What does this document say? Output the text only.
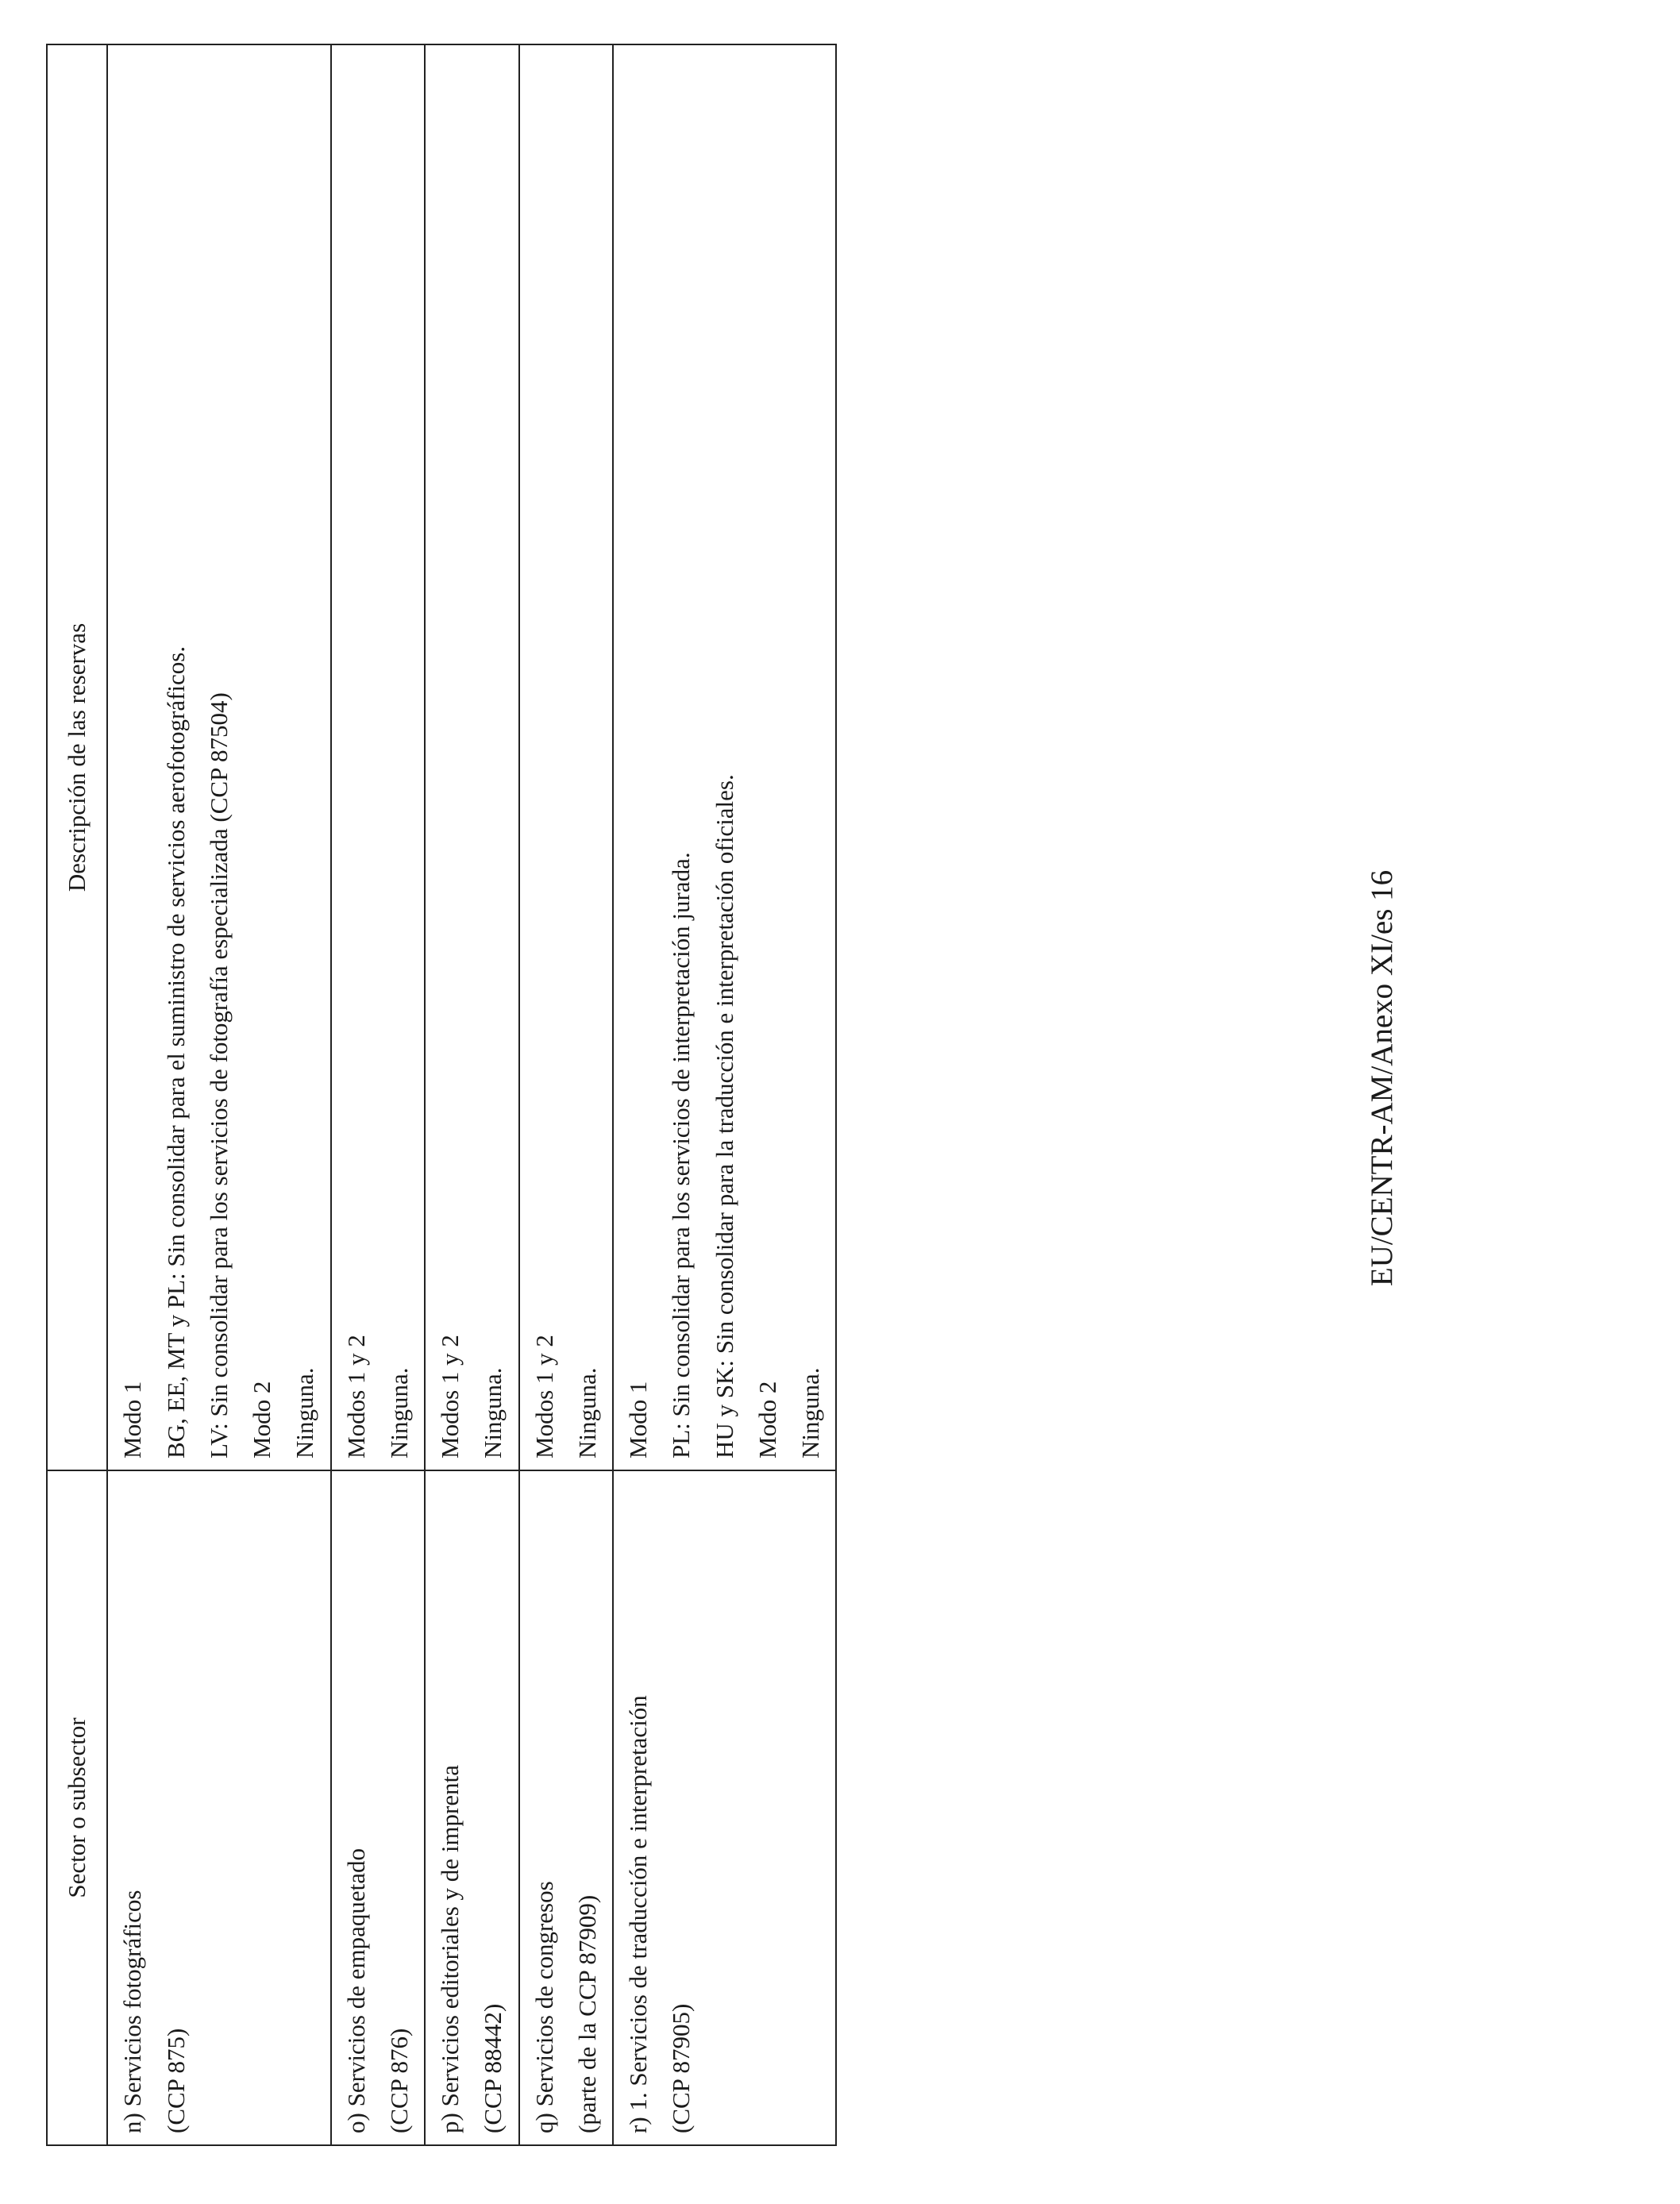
Sector o subsector	Descripción de las reservas

n) Servicios fotográficos (CCP 875)	Modo 1 BG, EE, MT y PL: Sin consolidar para el suministro de servicios aerofotográficos. LV: Sin consolidar para los servicios de fotografía especializada (CCP 87504) Modo 2 Ninguna.

o) Servicios de empaquetado (CCP 876)	Modos 1 y 2 Ninguna.

p) Servicios editoriales y de imprenta (CCP 88442)	Modos 1 y 2 Ninguna.

q) Servicios de congresos (parte de la CCP 87909)	Modos 1 y 2 Ninguna.

r) 1. Servicios de traducción e interpretación (CCP 87905)	Modo 1 PL: Sin consolidar para los servicios de interpretación jurada. HU y SK: Sin consolidar para la traducción e interpretación oficiales. Modo 2 Ninguna.
EU/CENTR-AM/Anexo XI/es 16
